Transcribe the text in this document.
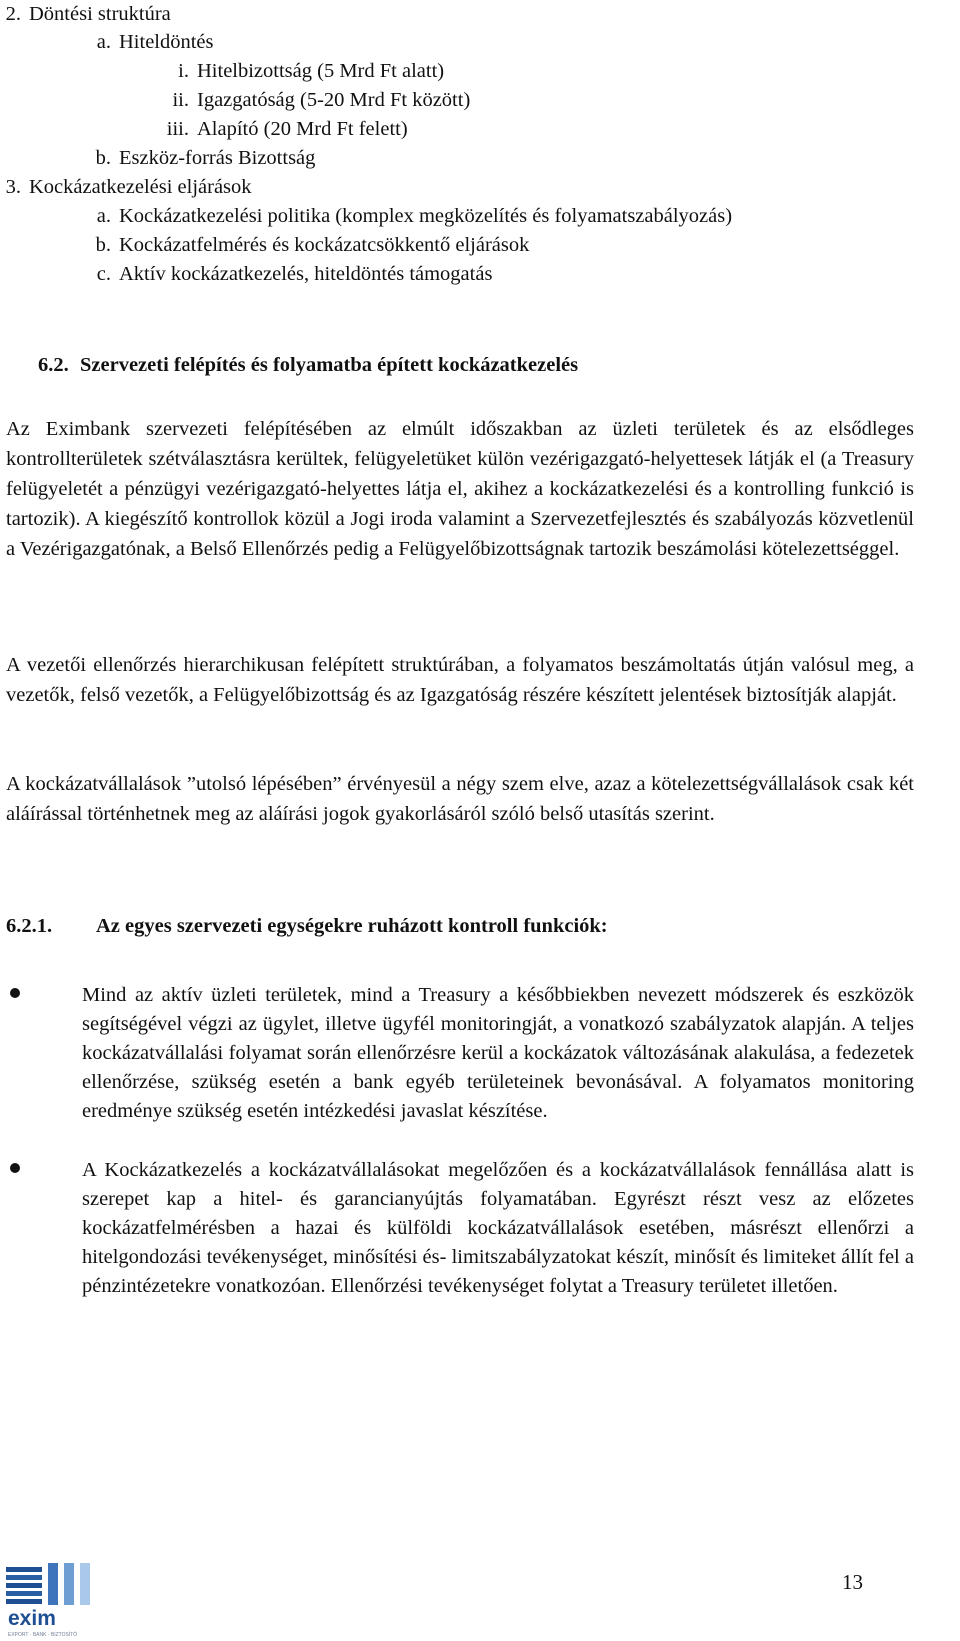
2. Döntési struktúra
a. Hiteldöntés
i. Hitelbizottság (5 Mrd Ft alatt)
ii. Igazgatóság (5-20 Mrd Ft között)
iii. Alapító (20 Mrd Ft felett)
b. Eszköz-forrás Bizottság
3. Kockázatkezelési eljárások
a. Kockázatkezelési politika (komplex megközelítés és folyamatszabályozás)
b. Kockázatfelmérés és kockázatcsökkentő eljárások
c. Aktív kockázatkezelés, hiteldöntés támogatás
6.2. Szervezeti felépítés és folyamatba épített kockázatkezelés

Az Eximbank szervezeti felépítésében az elmúlt időszakban az üzleti területek és az elsődleges kontrollterületek szétválasztásra kerültek, felügyeletüket külön vezérigazgató-helyettesek látják el (a Treasury felügyeletét a pénzügyi vezérigazgató-helyettes látja el, akihez a kockázatkezelési és a kontrolling funkció is tartozik). A kiegészítő kontrollok közül a Jogi iroda valamint a Szervezetfejlesztés és szabályozás közvetlenül a Vezérigazgatónak, a Belső Ellenőrzés pedig a Felügyelőbizottságnak tartozik beszámolási kötelezettséggel.

A vezetői ellenőrzés hierarchikusan felépített struktúrában, a folyamatos beszámoltatás útján valósul meg, a vezetők, felső vezetők, a Felügyelőbizottság és az Igazgatóság részére készített jelentések biztosítják alapját.

A kockázatvállalások ”utolsó lépésében” érvényesül a négy szem elve, azaz a kötelezettségvállalások csak két aláírással történhetnek meg az aláírási jogok gyakorlásáról szóló belső utasítás szerint.

6.2.1. Az egyes szervezeti egységekre ruházott kontroll funkciók:

Mind az aktív üzleti területek, mind a Treasury a későbbiekben nevezett módszerek és eszközök segítségével végzi az ügylet, illetve ügyfél monitoringját, a vonatkozó szabályzatok alapján. A teljes kockázatvállalási folyamat során ellenőrzésre kerül a kockázatok változásának alakulása, a fedezetek ellenőrzése, szükség esetén a bank egyéb területeinek bevonásával. A folyamatos monitoring eredménye szükség esetén intézkedési javaslat készítése.

A Kockázatkezelés a kockázatvállalásokat megelőzően és a kockázatvállalások fennállása alatt is szerepet kap a hitel- és garancianyújtás folyamatában. Egyrészt részt vesz az előzetes kockázatfelmérésben a hazai és külföldi kockázatvállalások esetében, másrészt ellenőrzi a hitelgondozási tevékenységet, minősítési és- limitszabályzatokat készít, minősít és limiteket állít fel a pénzintézetekre vonatkozóan. Ellenőrzési tevékenységet folytat a Treasury területet illetően.

exim
EXPORT · BANK · BIZTOSÍTÓ
13
